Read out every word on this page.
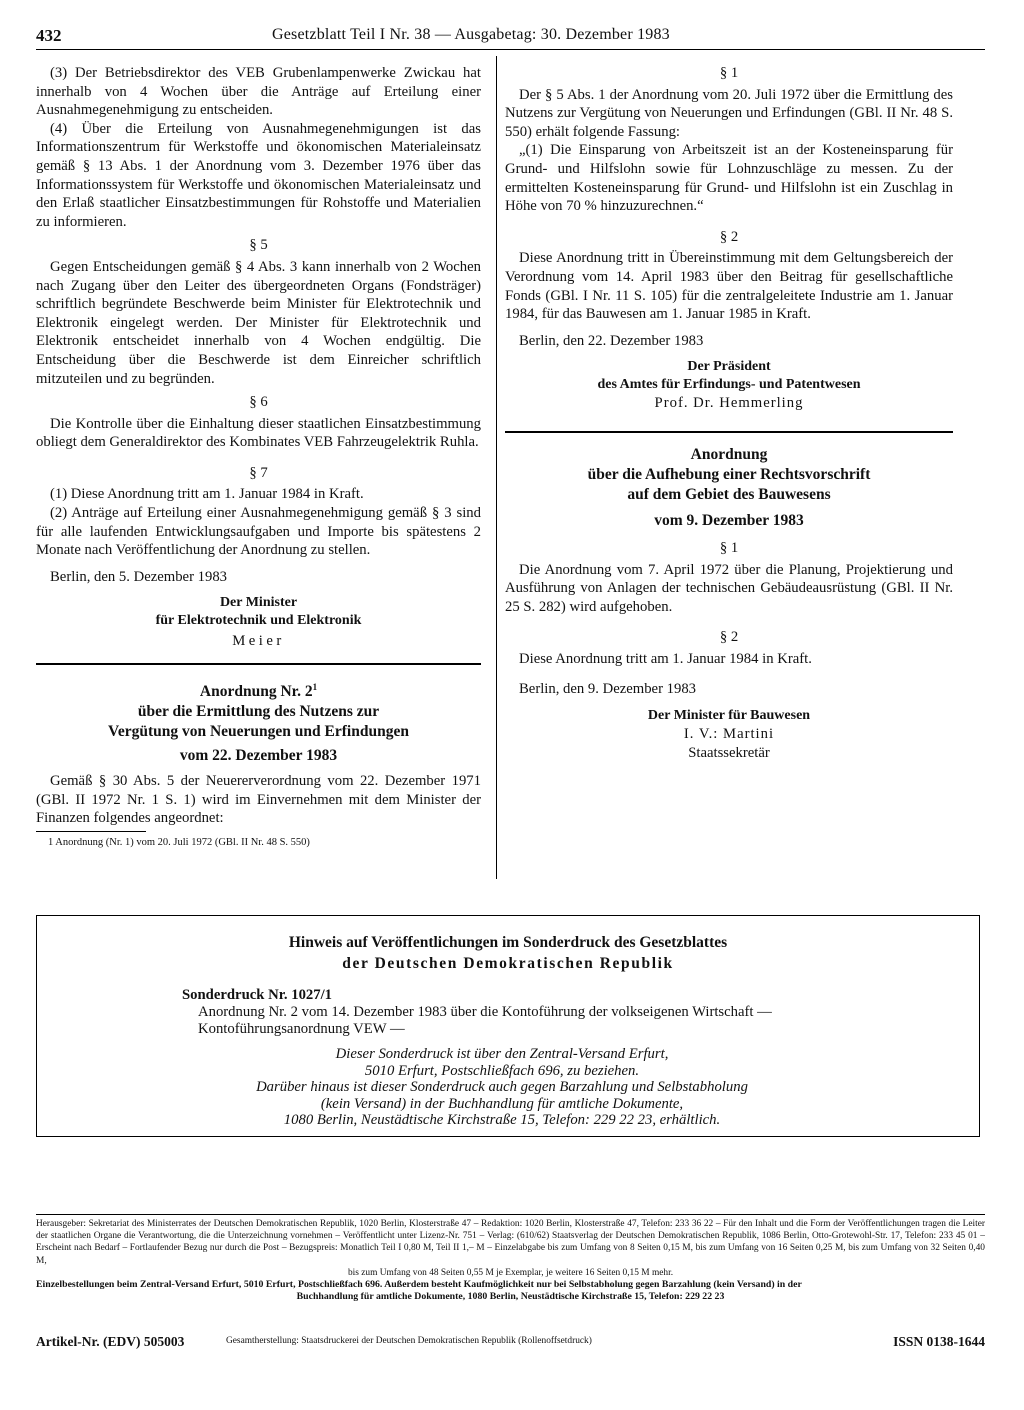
432	Gesetzblatt Teil I Nr. 38 — Ausgabetag: 30. Dezember 1983

(3) Der Betriebsdirektor des VEB Grubenlampenwerke Zwickau hat innerhalb von 4 Wochen über die Anträge auf Erteilung einer Ausnahmegenehmigung zu entscheiden.

(4) Über die Erteilung von Ausnahmegenehmigungen ist das Informationszentrum für Werkstoffe und ökonomischen Materialeinsatz gemäß § 13 Abs. 1 der Anordnung vom 3. Dezember 1976 über das Informationssystem für Werkstoffe und ökonomischen Materialeinsatz und den Erlaß staatlicher Einsatzbestimmungen für Rohstoffe und Materialien zu informieren.

§ 5

Gegen Entscheidungen gemäß § 4 Abs. 3 kann innerhalb von 2 Wochen nach Zugang über den Leiter des übergeordneten Organs (Fondsträger) schriftlich begründete Beschwerde beim Minister für Elektrotechnik und Elektronik eingelegt werden. Der Minister für Elektrotechnik und Elektronik entscheidet innerhalb von 4 Wochen endgültig. Die Entscheidung über die Beschwerde ist dem Einreicher schriftlich mitzuteilen und zu begründen.

§ 6

Die Kontrolle über die Einhaltung dieser staatlichen Einsatzbestimmung obliegt dem Generaldirektor des Kombinates VEB Fahrzeugelektrik Ruhla.

§ 7

(1) Diese Anordnung tritt am 1. Januar 1984 in Kraft.

(2) Anträge auf Erteilung einer Ausnahmegenehmigung gemäß § 3 sind für alle laufenden Entwicklungsaufgaben und Importe bis spätestens 2 Monate nach Veröffentlichung der Anordnung zu stellen.

Berlin, den 5. Dezember 1983
Der Minister
für Elektrotechnik und Elektronik
Meier
Anordnung Nr. $2^1$
über die Ermittlung des Nutzens zur
Vergütung von Neuerungen und Erfindungen
vom 22. Dezember 1983

Gemäß § 30 Abs. 5 der Neuererverordnung vom 22. Dezember 1971 (GBl. II 1972 Nr. 1 S. 1) wird im Einvernehmen mit dem Minister der Finanzen folgendes angeordnet:

1 Anordnung (Nr. 1) vom 20. Juli 1972 (GBl. II Nr. 48 S. 550)

§ 1

Der § 5 Abs. 1 der Anordnung vom 20. Juli 1972 über die Ermittlung des Nutzens zur Vergütung von Neuerungen und Erfindungen (GBl. II Nr. 48 S. 550) erhält folgende Fassung:

„(1) Die Einsparung von Arbeitszeit ist an der Kosteneinsparung für Grund- und Hilfslohn sowie für Lohnzuschläge zu messen. Zu der ermittelten Kosteneinsparung für Grund- und Hilfslohn ist ein Zuschlag in Höhe von 70 % hinzuzurechnen.“

§ 2

Diese Anordnung tritt in Übereinstimmung mit dem Geltungsbereich der Verordnung vom 14. April 1983 über den Beitrag für gesellschaftliche Fonds (GBl. I Nr. 11 S. 105) für die zentralgeleitete Industrie am 1. Januar 1984, für das Bauwesen am 1. Januar 1985 in Kraft.

Berlin, den 22. Dezember 1983
Der Präsident
des Amtes für Erfindungs- und Patentwesen
Prof. Dr. Hemmerling
Anordnung
über die Aufhebung einer Rechtsvorschrift
auf dem Gebiet des Bauwesens
vom 9. Dezember 1983
§ 1

Die Anordnung vom 7. April 1972 über die Planung, Projektierung und Ausführung von Anlagen der technischen Gebäudeausrüstung (GBl. II Nr. 25 S. 282) wird aufgehoben.

§ 2

Diese Anordnung tritt am 1. Januar 1984 in Kraft.

Berlin, den 9. Dezember 1983
Der Minister für Bauwesen
I. V.: Martini
Staatssekretär
Hinweis auf Veröffentlichungen im Sonderdruck des Gesetzblattes
der Deutschen Demokratischen Republik
Sonderdruck Nr. 1027/1
Anordnung Nr. 2 vom 14. Dezember 1983 über die Kontoführung der volkseigenen Wirtschaft — Kontoführungsanordnung VEW —
Dieser Sonderdruck ist über den Zentral-Versand Erfurt,
5010 Erfurt, Postschließfach 696, zu beziehen.
Darüber hinaus ist dieser Sonderdruck auch gegen Barzahlung und Selbstabholung
(kein Versand) in der Buchhandlung für amtliche Dokumente,
1080 Berlin, Neustädtische Kirchstraße 15, Telefon: 229 22 23, erhältlich.

Herausgeber: Sekretariat des Ministerrates der Deutschen Demokratischen Republik, 1020 Berlin, Klosterstraße 47 – Redaktion: 1020 Berlin, Klosterstraße 47, Telefon: 233 36 22 – Für den Inhalt und die Form der Veröffentlichungen tragen die Leiter der staatlichen Organe die Verantwortung, die die Unterzeichnung vornehmen – Veröffentlicht unter Lizenz-Nr. 751 – Verlag: (610/62) Staatsverlag der Deutschen Demokratischen Republik, 1086 Berlin, Otto-Grotewohl-Str. 17, Telefon: 233 45 01 – Erscheint nach Bedarf – Fortlaufender Bezug nur durch die Post – Bezugspreis: Monatlich Teil I 0,80 M, Teil II 1,– M – Einzelabgabe bis zum Umfang von 8 Seiten 0,15 M, bis zum Umfang von 16 Seiten 0,25 M, bis zum Umfang von 32 Seiten 0,40 M,

bis zum Umfang von 48 Seiten 0,55 M je Exemplar, je weitere 16 Seiten 0,15 M mehr.

Einzelbestellungen beim Zentral-Versand Erfurt, 5010 Erfurt, Postschließfach 696. Außerdem besteht Kaufmöglichkeit nur bei Selbstabholung gegen Barzahlung (kein Versand) in der

Buchhandlung für amtliche Dokumente, 1080 Berlin, Neustädtische Kirchstraße 15, Telefon: 229 22 23

Artikel-Nr. (EDV) 505003	Gesamtherstellung: Staatsdruckerei der Deutschen Demokratischen Republik (Rollenoffsetdruck)	ISSN 0138-1644
